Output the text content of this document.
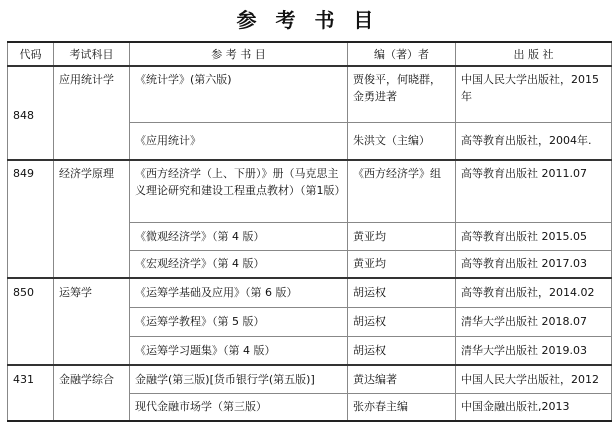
参 考 书 目
代码	考试科目	参 考 书 目	编（著）者	出 版 社
848	应用统计学	《统计学》(第六版)	贾俊平，何晓群，金勇进著	中国人民大学出版社，2015年
		《应用统计》	朱洪文（主编）	高等教育出版社，2004年.
849	经济学原理	《西方经济学（上、下册）》册（马克思主义理论研究和建设工程重点教材）（第1版）	《西方经济学》组	高等教育出版社 2011.07
		《微观经济学》（第 4 版）	黄亚均	高等教育出版社 2015.05
		《宏观经济学》（第 4 版）	黄亚均	高等教育出版社 2017.03
850	运筹学	《运筹学基础及应用》（第 6 版）	胡运权	高等教育出版社，2014.02
		《运筹学教程》（第 5 版）	胡运权	清华大学出版社 2018.07
		《运筹学习题集》（第 4 版）	胡运权	清华大学出版社 2019.03
431	金融学综合	金融学(第三版)[货币银行学(第五版)]	黄达编著	中国人民大学出版社，2012
		现代金融市场学（第三版）	张亦春主编	中国金融出版社,2013
